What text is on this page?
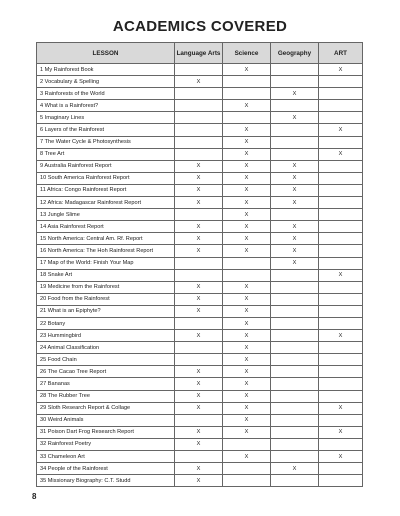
ACADEMICS COVERED
LESSON	Language Arts	Science	Geography	ART
1 My Rainforest Book		X		X
2 Vocabulary & Spelling	X			
3 Rainforests of the World			X	
4 What is a Rainforest?		X		
5 Imaginary Lines			X	
6 Layers of the Rainforest		X		X
7 The Water Cycle & Photosynthesis		X		
8 Tree Art		X		X
9 Australia Rainforest Report	X	X	X	
10 South America Rainforest Report	X	X	X	
11 Africa: Congo Rainforest Report	X	X	X	
12 Africa: Madagascar Rainforest Report	X	X	X	
13 Jungle Slime		X		
14 Asia Rainforest Report	X	X	X	
15 North America: Central Am. Rf. Report	X	X	X	
16 North America: The Hoh Rainforest Report	X	X	X	
17 Map of the World: Finish Your Map			X	
18 Snake Art				X
19 Medicine from the Rainforest	X	X		
20 Food from the Rainforest	X	X		
21 What is an Epiphyte?	X	X		
22 Botany		X		
23 Hummingbird	X	X		X
24 Animal Classification		X		
25 Food Chain		X		
26 The Cacao Tree Report	X	X		
27 Bananas	X	X		
28 The Rubber Tree	X	X		
29 Sloth Research Report & Collage	X	X		X
30 Weird Animals		X		
31 Poison Dart Frog Research Report	X	X		X
32 Rainforest Poetry	X			
33 Chameleon Art		X		X
34 People of the Rainforest	X		X	
35 Missionary Biography: C.T. Studd	X			
8
